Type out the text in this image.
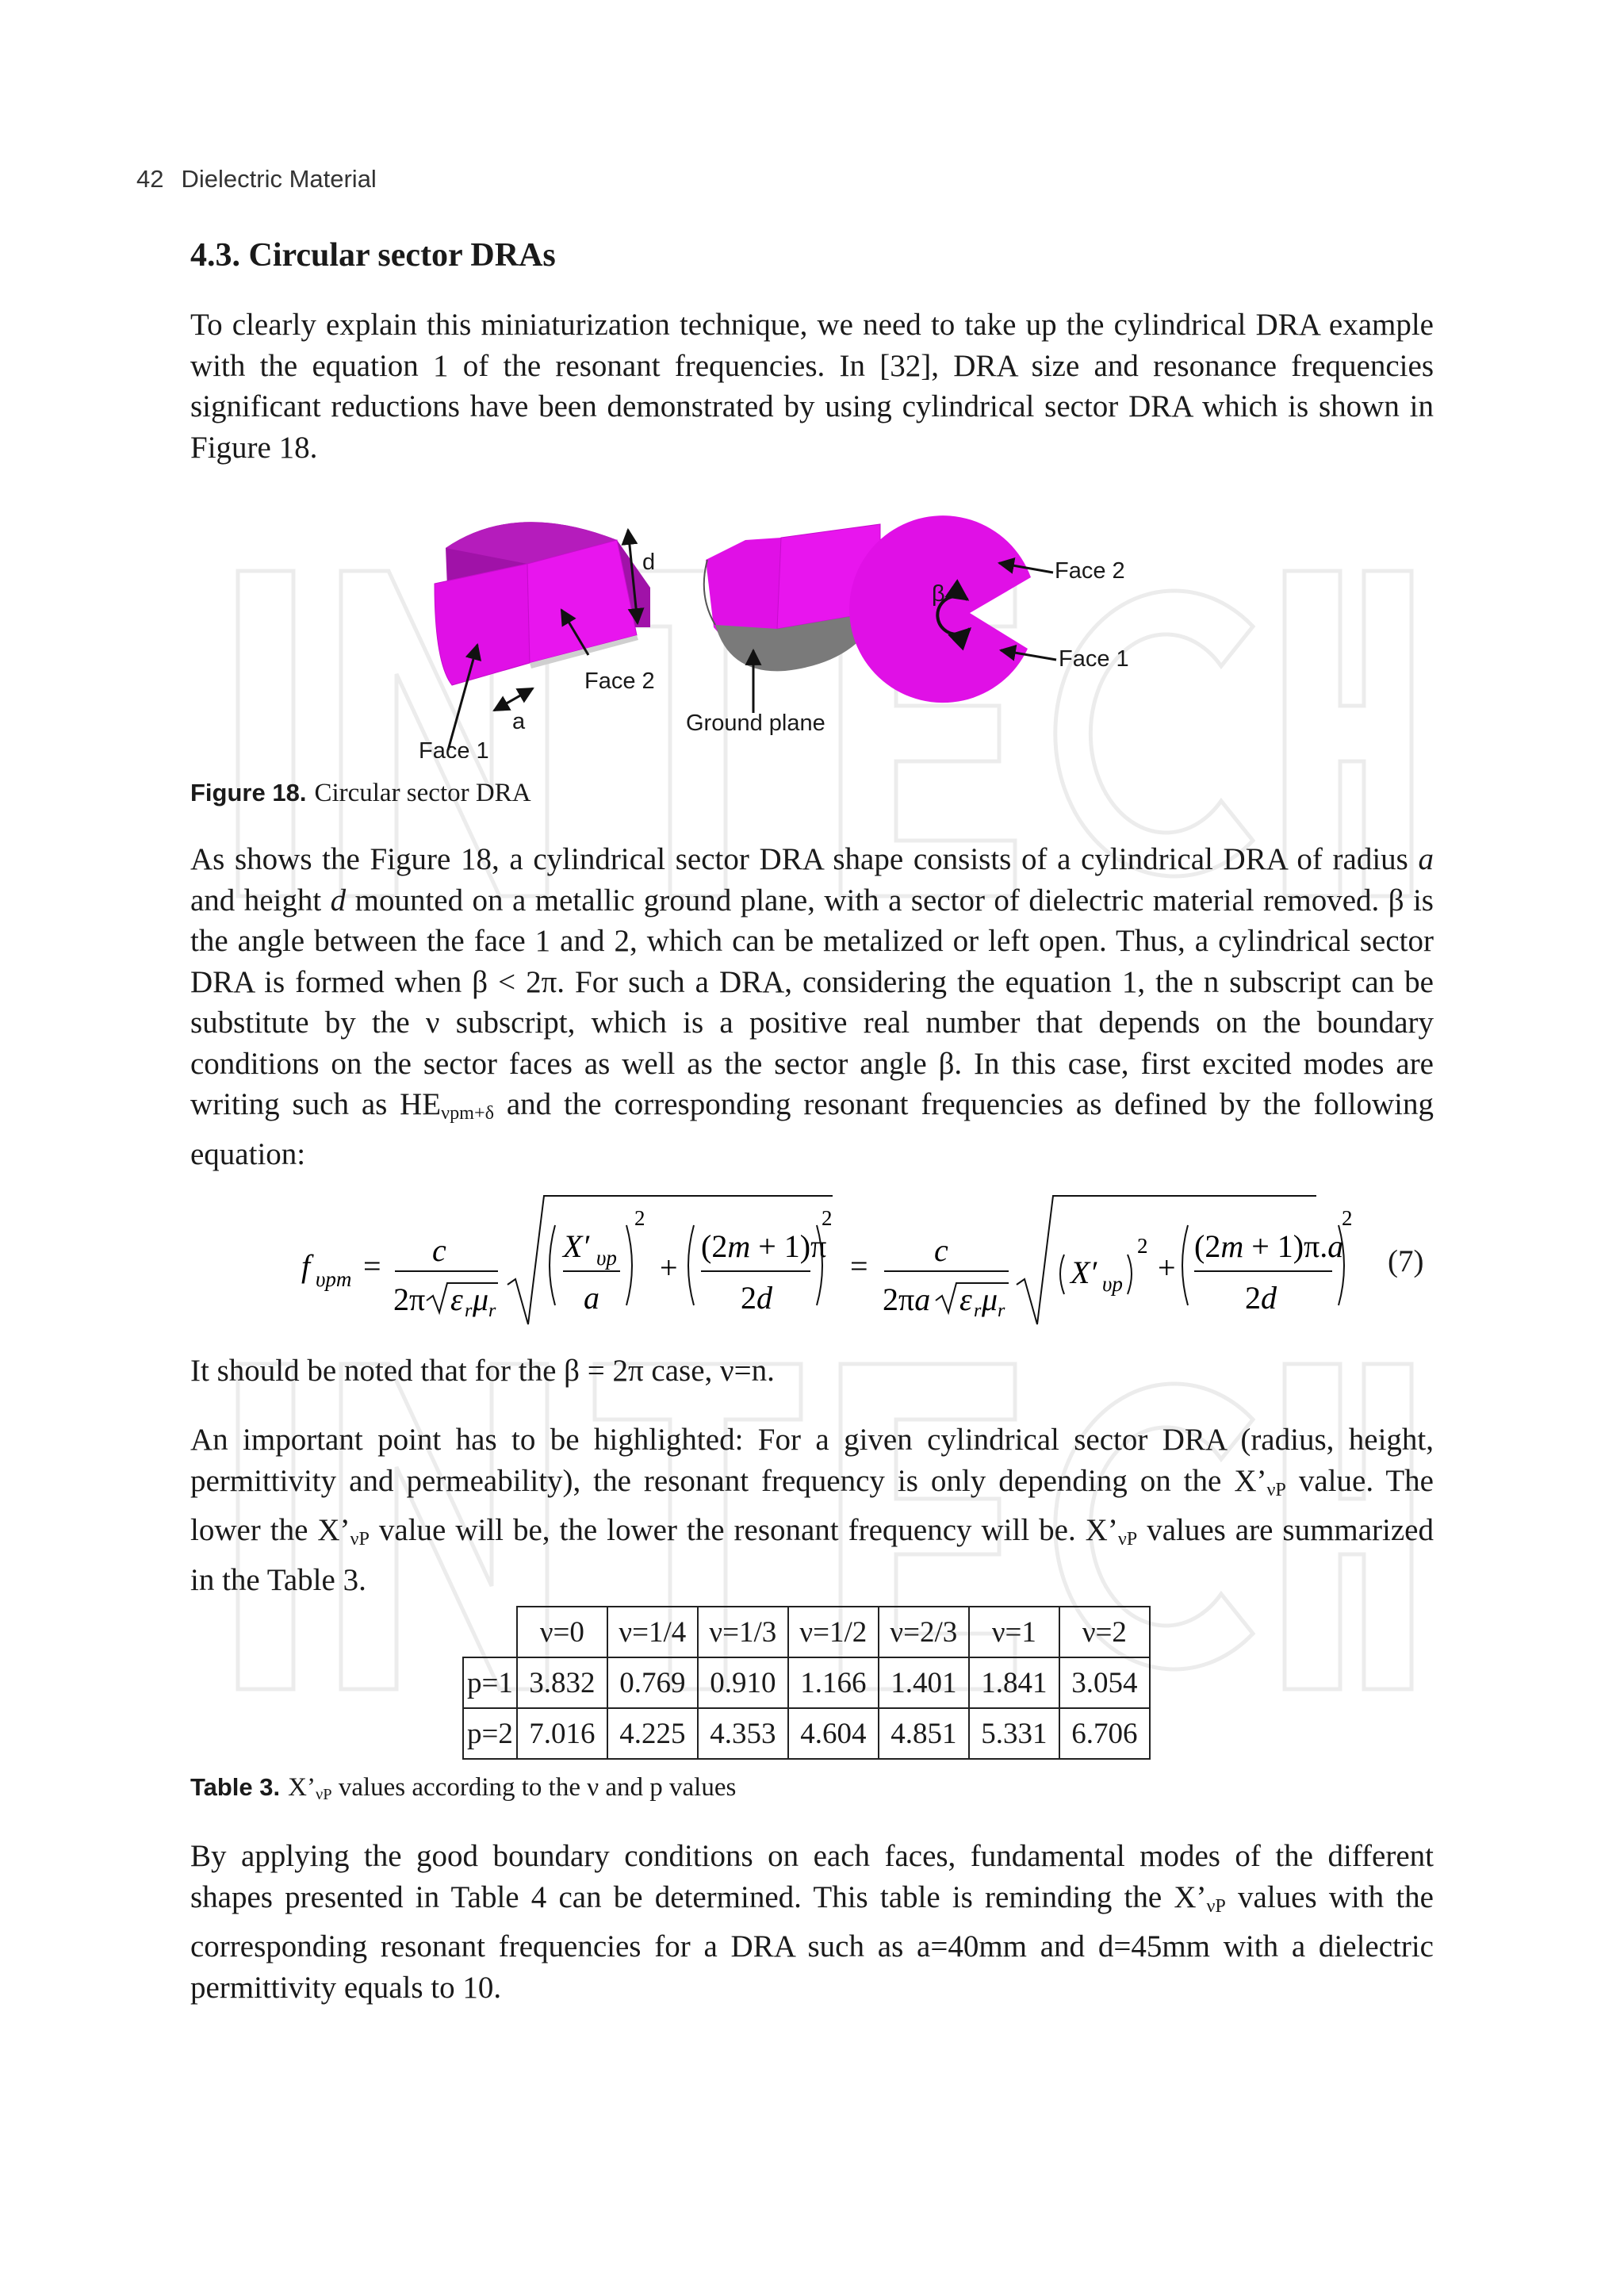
42 Dielectric Material
4.3. Circular sector DRAs

To clearly explain this miniaturization technique, we need to take up the cylindrical DRA example with the equation 1 of the resonant frequencies. In [32], DRA size and resonance frequencies significant reductions have been demonstrated by using cylindrical sector DRA which is shown in Figure 18.

d
a
Face 1
Face 2
Ground plane
β
Face 2
Face 1
Figure 18. Circular sector DRA

As shows the Figure 18, a cylindrical sector DRA shape consists of a cylindrical DRA of radius a and height d mounted on a metallic ground plane, with a sector of dielectric material removed. β is the angle between the face 1 and 2, which can be metalized or left open. Thus, a cylindrical sector DRA is formed when β < 2π. For such a DRA, considering the equation 1, the n subscript can be substitute by the ν subscript, which is a positive real number that depends on the boundary conditions on the sector faces as well as the sector angle β. In this case, first excited modes are writing such as $HE_{\nu pm+\delta}$ and the corresponding resonant frequencies as defined by the following equation:

f υpm = c
2π ε r μ r
X′ υp
a
2
+
(2m + 1)π
2d
2
= c
2πa ε r μ r
X′ υp
2
+
(2m + 1)π.a
2d
2
(7)

It should be noted that for the β = 2π case, ν=n.

An important point has to be highlighted: For a given cylindrical sector DRA (radius, height, permittivity and permeability), the resonant frequency is only depending on the $X’_{\nu P}$ value. The lower the $X’_{\nu P}$ value will be, the lower the resonant frequency will be. $X’_{\nu P}$ values are summarized in the Table 3.

	ν=0	ν=1/4	ν=1/3	ν=1/2	ν=2/3	ν=1	ν=2
p=1	3.832	0.769	0.910	1.166	1.401	1.841	3.054
p=2	7.016	4.225	4.353	4.604	4.851	5.331	6.706
Table 3. $X’_{\nu P}$ values according to the ν and p values

By applying the good boundary conditions on each faces, fundamental modes of the different shapes presented in Table 4 can be determined. This table is reminding the $X’_{\nu P}$ values with the corresponding resonant frequencies for a DRA such as a=40mm and d=45mm with a dielectric permittivity equals to 10.
